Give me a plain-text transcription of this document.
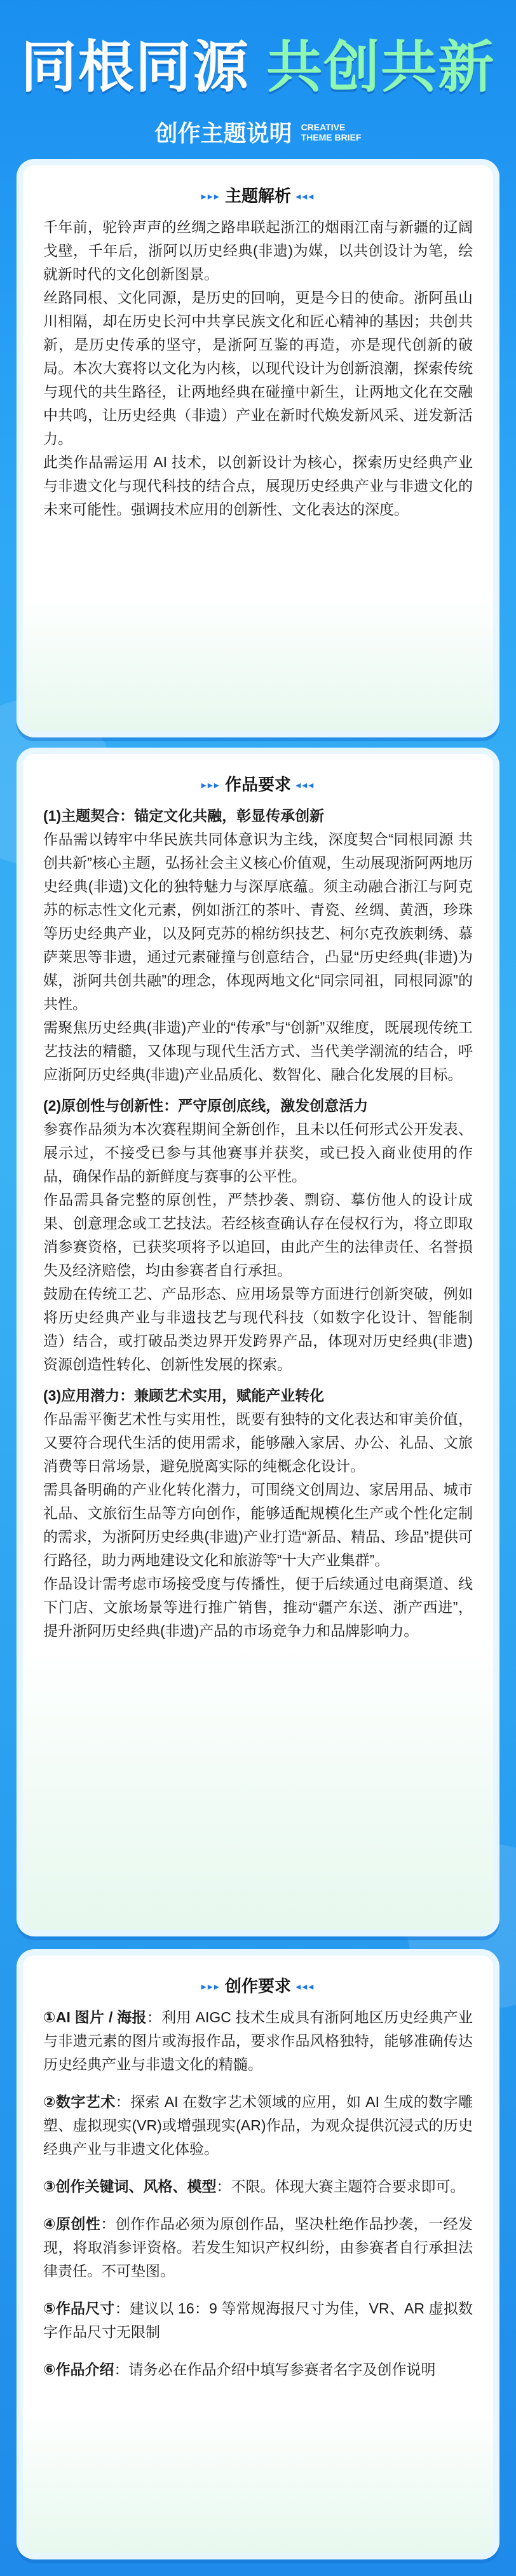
同根同源 共创共新
创作主题说明 CREATIVE
THEME BRIEF
▸▸▸ 主题解析 ◂◂◂

千年前，驼铃声声的丝绸之路串联起浙江的烟雨江南与新疆的辽阔戈壁，千年后，浙阿以历史经典(非遗)为媒，以共创设计为笔，绘就新时代的文化创新图景。

丝路同根、文化同源，是历史的回响，更是今日的使命。浙阿虽山川相隔，却在历史长河中共享民族文化和匠心精神的基因；共创共新，是历史传承的坚守，是浙阿互鉴的再造，亦是现代创新的破局。本次大赛将以文化为内核，以现代设计为创新浪潮，探索传统与现代的共生路径，让两地经典在碰撞中新生，让两地文化在交融中共鸣，让历史经典（非遗）产业在新时代焕发新风采、迸发新活力。

此类作品需运用 AI 技术，以创新设计为核心，探索历史经典产业与非遗文化与现代科技的结合点，展现历史经典产业与非遗文化的未来可能性。强调技术应用的创新性、文化表达的深度。

▸▸▸ 作品要求 ◂◂◂

(1)主题契合：锚定文化共融，彰显传承创新

作品需以铸牢中华民族共同体意识为主线，深度契合“同根同源 共创共新”核心主题，弘扬社会主义核心价值观，生动展现浙阿两地历史经典(非遗)文化的独特魅力与深厚底蕴。须主动融合浙江与阿克苏的标志性文化元素，例如浙江的茶叶、青瓷、丝绸、黄酒，珍珠等历史经典产业，以及阿克苏的棉纺织技艺、柯尔克孜族刺绣、慕萨莱思等非遗，通过元素碰撞与创意结合，凸显“历史经典(非遗)为媒，浙阿共创共融”的理念，体现两地文化“同宗同祖，同根同源”的共性。

需聚焦历史经典(非遗)产业的“传承”与“创新”双维度，既展现传统工艺技法的精髓，又体现与现代生活方式、当代美学潮流的结合，呼应浙阿历史经典(非遗)产业品质化、数智化、融合化发展的目标。

(2)原创性与创新性：严守原创底线，激发创意活力

参赛作品须为本次赛程期间全新创作，且未以任何形式公开发表、展示过，不接受已参与其他赛事并获奖，或已投入商业使用的作品，确保作品的新鲜度与赛事的公平性。

作品需具备完整的原创性，严禁抄袭、剽窃、摹仿他人的设计成果、创意理念或工艺技法。若经核查确认存在侵权行为，将立即取消参赛资格，已获奖项将予以追回，由此产生的法律责任、名誉损失及经济赔偿，均由参赛者自行承担。

鼓励在传统工艺、产品形态、应用场景等方面进行创新突破，例如将历史经典产业与非遗技艺与现代科技（如数字化设计、智能制造）结合，或打破品类边界开发跨界产品，体现对历史经典(非遗)资源创造性转化、创新性发展的探索。

(3)应用潜力：兼顾艺术实用，赋能产业转化

作品需平衡艺术性与实用性，既要有独特的文化表达和审美价值，又要符合现代生活的使用需求，能够融入家居、办公、礼品、文旅消费等日常场景，避免脱离实际的纯概念化设计。

需具备明确的产业化转化潜力，可围绕文创周边、家居用品、城市礼品、文旅衍生品等方向创作，能够适配规模化生产或个性化定制的需求，为浙阿历史经典(非遗)产业打造“新品、精品、珍品”提供可行路径，助力两地建设文化和旅游等“十大产业集群”。

作品设计需考虑市场接受度与传播性，便于后续通过电商渠道、线下门店、文旅场景等进行推广销售，推动“疆产东送、浙产西进”，提升浙阿历史经典(非遗)产品的市场竞争力和品牌影响力。

▸▸▸ 创作要求 ◂◂◂

①AI 图片 / 海报：利用 AIGC 技术生成具有浙阿地区历史经典产业与非遗元素的图片或海报作品，要求作品风格独特，能够准确传达历史经典产业与非遗文化的精髓。

②数字艺术：探索 AI 在数字艺术领域的应用，如 AI 生成的数字雕塑、虚拟现实(VR)或增强现实(AR)作品，为观众提供沉浸式的历史经典产业与非遗文化体验。

③创作关键词、风格、模型：不限。体现大赛主题符合要求即可。

④原创性：创作作品必须为原创作品，坚决杜绝作品抄袭，一经发现，将取消参评资格。若发生知识产权纠纷，由参赛者自行承担法律责任。不可垫图。

⑤作品尺寸：建议以 16：9 等常规海报尺寸为佳，VR、AR 虚拟数字作品尺寸无限制

⑥作品介绍：请务必在作品介绍中填写参赛者名字及创作说明
